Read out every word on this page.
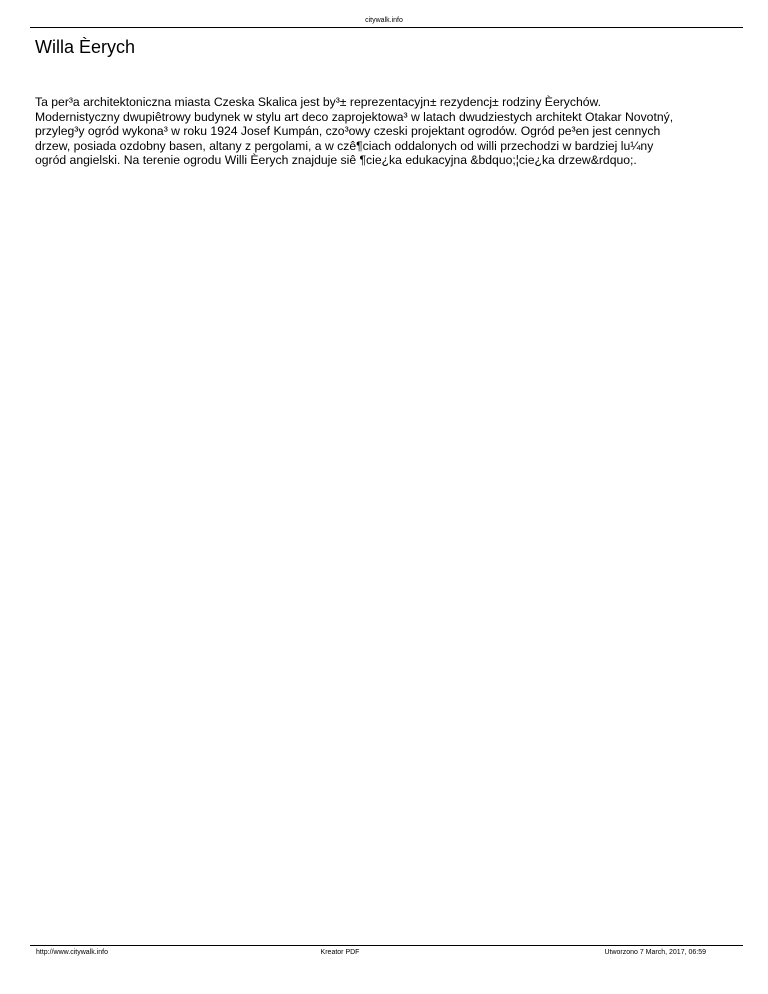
citywalk.info
Willa Èerych
Ta per³a architektoniczna miasta Czeska Skalica jest by³± reprezentacyjn± rezydencj± rodziny Èerychów.
Modernistyczny dwupiêtrowy budynek w stylu art deco zaprojektowa³ w latach dwudziestych architekt Otakar Novotný,
przyleg³y ogród wykona³ w roku 1924 Josef Kumpán, czo³owy czeski projektant ogrodów. Ogród pe³en jest cennych
drzew, posiada ozdobny basen, altany z pergolami, a w czê¶ciach oddalonych od willi przechodzi w bardziej lu¼ny
ogród angielski. Na terenie ogrodu Willi Èerych znajduje siê ¶cie¿ka edukacyjna &bdquo;¦cie¿ka drzew&rdquo;.
http://www.citywalk.info	Kreator PDF	Utworzono 7 March, 2017, 06:59
